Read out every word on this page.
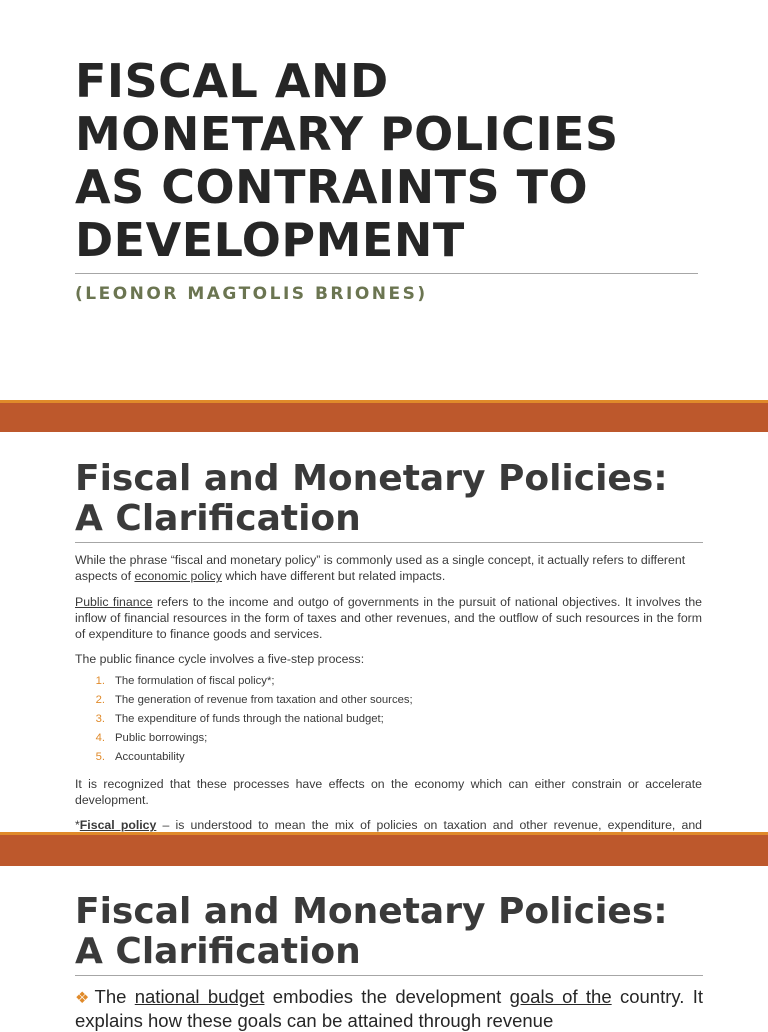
FISCAL AND
MONETARY POLICIES
AS CONTRAINTS TO
DEVELOPMENT
(LEONOR MAGTOLIS BRIONES)
Fiscal and Monetary Policies:
A Clarification

While the phrase “fiscal and monetary policy” is commonly used as a single concept, it actually refers to different aspects of economic policy which have different but related impacts.

Public finance refers to the income and outgo of governments in the pursuit of national objectives. It involves the inflow of financial resources in the form of taxes and other revenues, and the outflow of such resources in the form of expenditure to finance goods and services.

The public finance cycle involves a five-step process:

1. The formulation of fiscal policy*;
2. The generation of revenue from taxation and other sources;
3. The expenditure of funds through the national budget;
4. Public borrowings;
5. Accountability

It is recognized that these processes have effects on the economy which can either constrain or accelerate development.

*Fiscal policy – is understood to mean the mix of policies on taxation and other revenue, expenditure, and

Fiscal and Monetary Policies:
A Clarification
❖ The national budget embodies the development goals of the country. It explains how these goals can be attained through revenue
